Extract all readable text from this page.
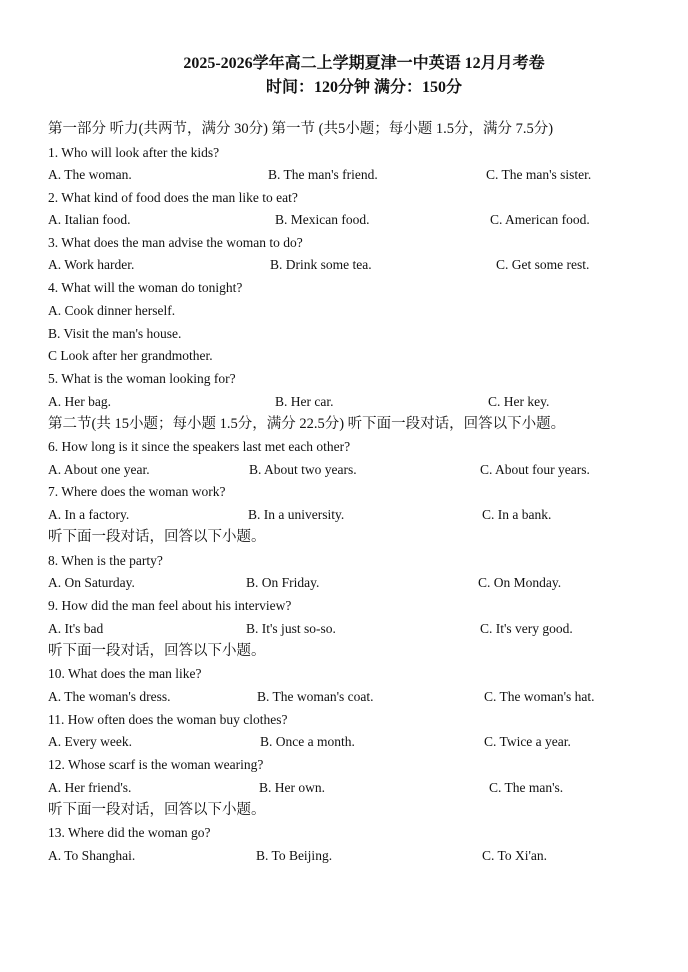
2025-2026学年高二上学期夏津一中英语 12月月考卷
时间：120分钟 满分：150分
第一部分 听力(共两节，满分 30分) 第一节 (共5小题；每小题 1.5分，满分 7.5分)
1. Who will look after the kids?
A. The woman.	B. The man's friend.	C. The man's sister.
2. What kind of food does the man like to eat?
A. Italian food.	B. Mexican food.	C. American food.
3. What does the man advise the woman to do?
A. Work harder.	B. Drink some tea.	C. Get some rest.
4. What will the woman do tonight?
A. Cook dinner herself.
B. Visit the man's house.
C Look after her grandmother.
5. What is the woman looking for?
A. Her bag.	B. Her car.	C. Her key.
第二节(共 15小题；每小题 1.5分，满分 22.5分) 听下面一段对话，回答以下小题。
6. How long is it since the speakers last met each other?
A. About one year.	B. About two years.	C. About four years.
7. Where does the woman work?
A. In a factory.	B. In a university.	C. In a bank.
听下面一段对话，回答以下小题。
8. When is the party?
A. On Saturday.	B. On Friday.	C. On Monday.
9. How did the man feel about his interview?
A. It's bad	B. It's just so-so.	C. It's very good.
听下面一段对话，回答以下小题。
10. What does the man like?
A. The woman's dress.	B. The woman's coat.	C. The woman's hat.
11. How often does the woman buy clothes?
A. Every week.	B. Once a month.	C. Twice a year.
12. Whose scarf is the woman wearing?
A. Her friend's.	B. Her own.	C. The man's.
听下面一段对话，回答以下小题。
13. Where did the woman go?
A. To Shanghai.	B. To Beijing.	C. To Xi'an.
